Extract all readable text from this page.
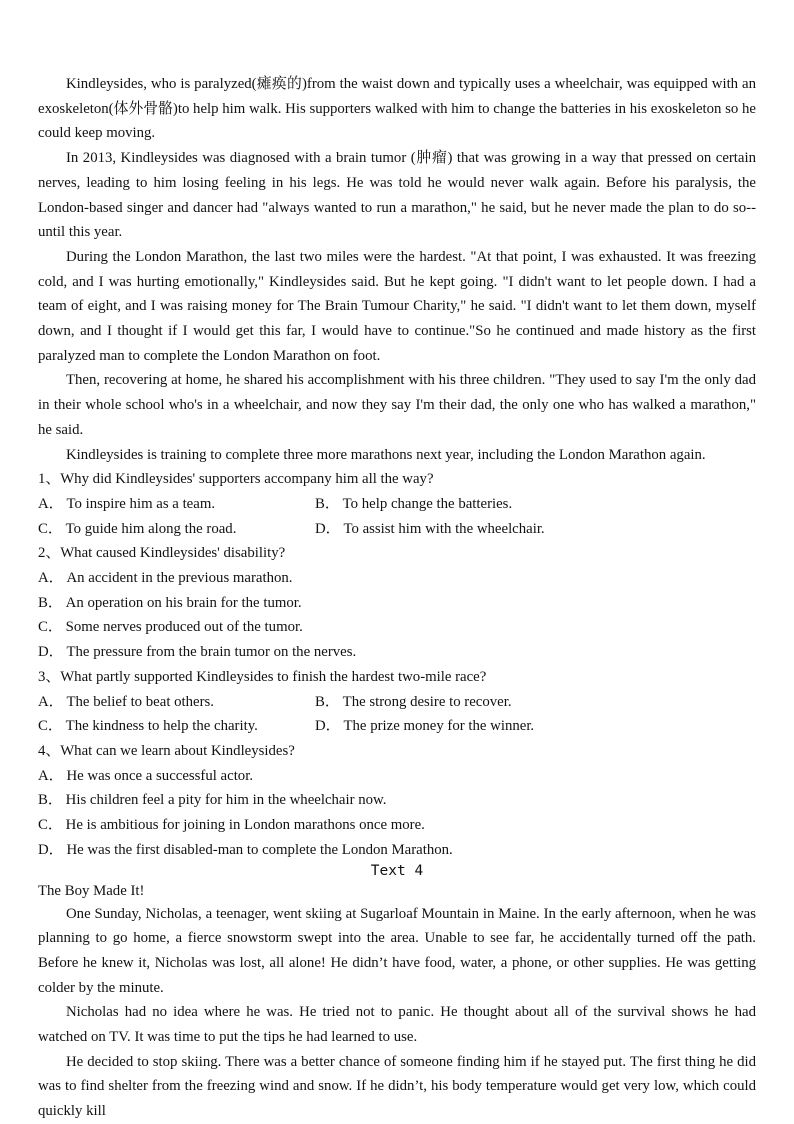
Kindleysides, who is paralyzed(瘫痪的)from the waist down and typically uses a wheelchair, was equipped with an exoskeleton(体外骨骼)to help him walk. His supporters walked with him to change the batteries in his exoskeleton so he could keep moving.

In 2013, Kindleysides was diagnosed with a brain tumor (肿瘤) that was growing in a way that pressed on certain nerves, leading to him losing feeling in his legs. He was told he would never walk again. Before his paralysis, the London-based singer and dancer had "always wanted to run a marathon," he said, but he never made the plan to do so--until this year.

During the London Marathon, the last two miles were the hardest. "At that point, I was exhausted. It was freezing cold, and I was hurting emotionally," Kindleysides said. But he kept going. "I didn't want to let people down. I had a team of eight, and I was raising money for The Brain Tumour Charity," he said. "I didn't want to let them down, myself down, and I thought if I would get this far, I would have to continue."So he continued and made history as the first paralyzed man to complete the London Marathon on foot.

Then, recovering at home, he shared his accomplishment with his three children. "They used to say I'm the only dad in their whole school who's in a wheelchair, and now they say I'm their dad, the only one who has walked a marathon," he said.

Kindleysides is training to complete three more marathons next year, including the London Marathon again.

1、Why did Kindleysides' supporters accompany him all the way?
A． To inspire him as a team.	B． To help change the batteries.
C． To guide him along the road.	D． To assist him with the wheelchair.
2、What caused Kindleysides' disability?
A． An accident in the previous marathon.
B． An operation on his brain for the tumor.
C． Some nerves produced out of the tumor.
D． The pressure from the brain tumor on the nerves.
3、What partly supported Kindleysides to finish the hardest two-mile race?
A． The belief to beat others.	B． The strong desire to recover.
C． The kindness to help the charity.	D． The prize money for the winner.
4、What can we learn about Kindleysides?
A． He was once a successful actor.
B． His children feel a pity for him in the wheelchair now.
C． He is ambitious for joining in London marathons once more.
D． He was the first disabled-man to complete the London Marathon.
Text 4

The Boy Made It!

One Sunday, Nicholas, a teenager, went skiing at Sugarloaf Mountain in Maine. In the early afternoon, when he was planning to go home, a fierce snowstorm swept into the area. Unable to see far, he accidentally turned off the path. Before he knew it, Nicholas was lost, all alone! He didn’t have food, water, a phone, or other supplies. He was getting colder by the minute.

Nicholas had no idea where he was. He tried not to panic. He thought about all of the survival shows he had watched on TV. It was time to put the tips he had learned to use.

He decided to stop skiing. There was a better chance of someone finding him if he stayed put. The first thing he did was to find shelter from the freezing wind and snow. If he didn’t, his body temperature would get very low, which could quickly kill
